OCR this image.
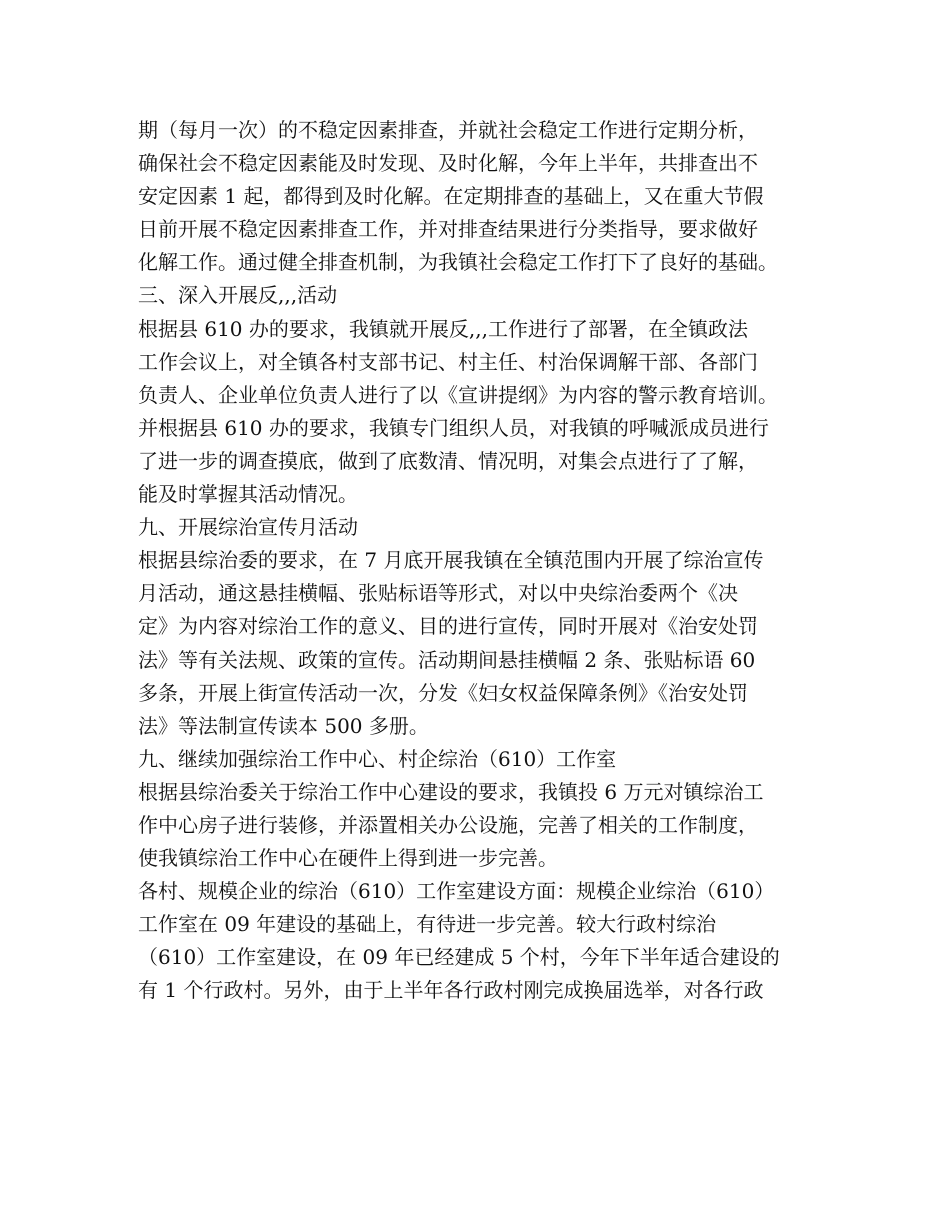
期（每月一次）的不稳定因素排查，并就社会稳定工作进行定期分析，
确保社会不稳定因素能及时发现、及时化解，今年上半年，共排查出不
安定因素 1 起，都得到及时化解。在定期排查的基础上，又在重大节假
日前开展不稳定因素排查工作，并对排查结果进行分类指导，要求做好
化解工作。通过健全排查机制，为我镇社会稳定工作打下了良好的基础。
三、深入开展反,,,活动
根据县 610 办的要求，我镇就开展反,,,工作进行了部署，在全镇政法
工作会议上，对全镇各村支部书记、村主任、村治保调解干部、各部门
负责人、企业单位负责人进行了以《宣讲提纲》为内容的警示教育培训。
并根据县 610 办的要求，我镇专门组织人员，对我镇的呼喊派成员进行
了进一步的调查摸底，做到了底数清、情况明，对集会点进行了了解，
能及时掌握其活动情况。
九、开展综治宣传月活动
根据县综治委的要求，在 7 月底开展我镇在全镇范围内开展了综治宣传
月活动，通这悬挂横幅、张贴标语等形式，对以中央综治委两个《决
定》为内容对综治工作的意义、目的进行宣传，同时开展对《治安处罚
法》等有关法规、政策的宣传。活动期间悬挂横幅 2 条、张贴标语 60
多条，开展上街宣传活动一次，分发《妇女权益保障条例》《治安处罚
法》等法制宣传读本 500 多册。
九、继续加强综治工作中心、村企综治（610）工作室
根据县综治委关于综治工作中心建设的要求，我镇投 6 万元对镇综治工
作中心房子进行装修，并添置相关办公设施，完善了相关的工作制度，
使我镇综治工作中心在硬件上得到进一步完善。
各村、规模企业的综治（610）工作室建设方面：规模企业综治（610）
工作室在 09 年建设的基础上，有待进一步完善。较大行政村综治
（610）工作室建设，在 09 年已经建成 5 个村，今年下半年适合建设的
有 1 个行政村。另外，由于上半年各行政村刚完成换届选举，对各行政
